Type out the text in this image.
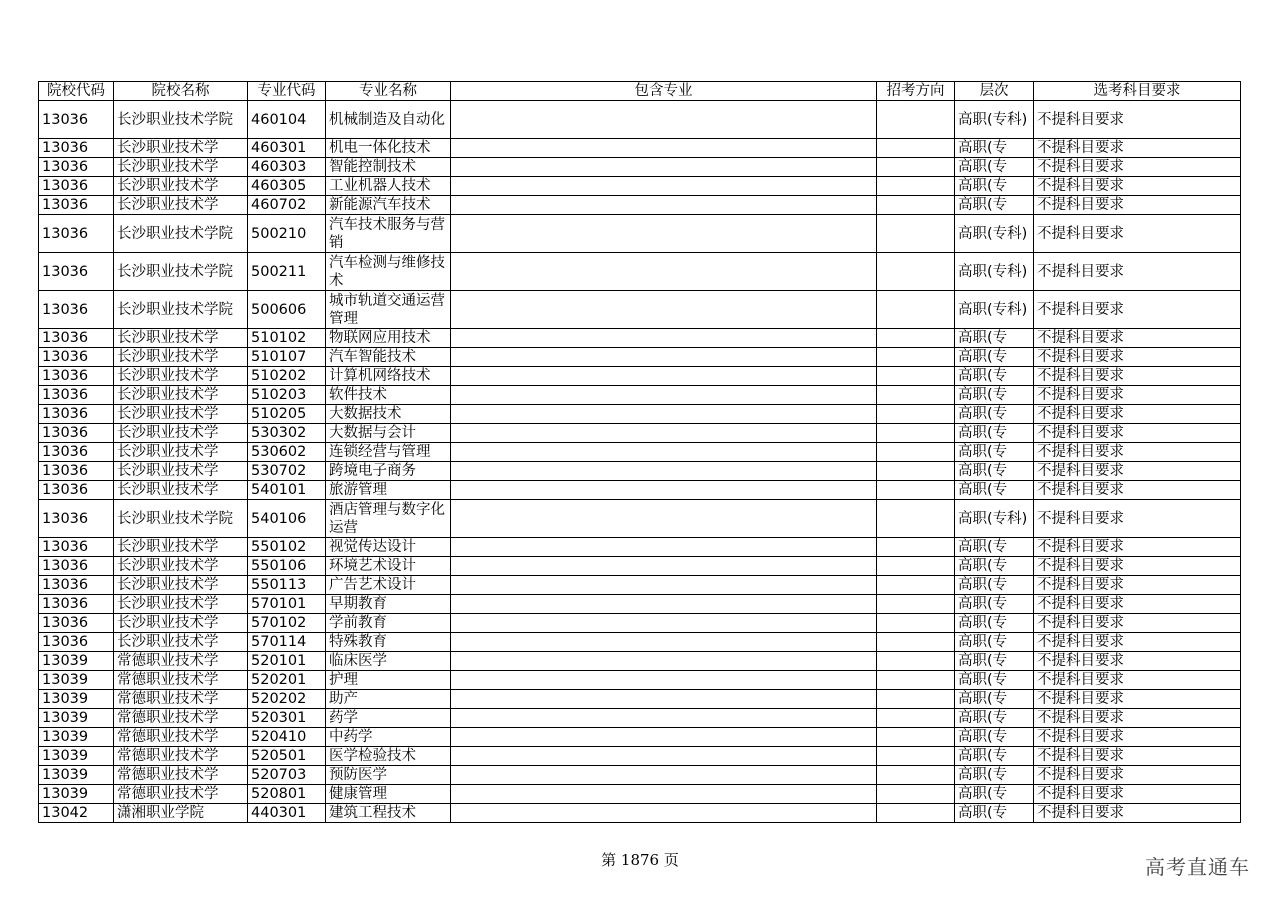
院校代码	院校名称	专业代码	专业名称	包含专业	招考方向	层次	选考科目要求
13036	长沙职业技术学院	460104	机械制造及自动化			高职(专科)	不提科目要求
13036	长沙职业技术学	460301	机电一体化技术			高职(专	不提科目要求
13036	长沙职业技术学	460303	智能控制技术			高职(专	不提科目要求
13036	长沙职业技术学	460305	工业机器人技术			高职(专	不提科目要求
13036	长沙职业技术学	460702	新能源汽车技术			高职(专	不提科目要求
13036	长沙职业技术学院	500210	汽车技术服务与营销			高职(专科)	不提科目要求
13036	长沙职业技术学院	500211	汽车检测与维修技术			高职(专科)	不提科目要求
13036	长沙职业技术学院	500606	城市轨道交通运营管理			高职(专科)	不提科目要求
13036	长沙职业技术学	510102	物联网应用技术			高职(专	不提科目要求
13036	长沙职业技术学	510107	汽车智能技术			高职(专	不提科目要求
13036	长沙职业技术学	510202	计算机网络技术			高职(专	不提科目要求
13036	长沙职业技术学	510203	软件技术			高职(专	不提科目要求
13036	长沙职业技术学	510205	大数据技术			高职(专	不提科目要求
13036	长沙职业技术学	530302	大数据与会计			高职(专	不提科目要求
13036	长沙职业技术学	530602	连锁经营与管理			高职(专	不提科目要求
13036	长沙职业技术学	530702	跨境电子商务			高职(专	不提科目要求
13036	长沙职业技术学	540101	旅游管理			高职(专	不提科目要求
13036	长沙职业技术学院	540106	酒店管理与数字化运营			高职(专科)	不提科目要求
13036	长沙职业技术学	550102	视觉传达设计			高职(专	不提科目要求
13036	长沙职业技术学	550106	环境艺术设计			高职(专	不提科目要求
13036	长沙职业技术学	550113	广告艺术设计			高职(专	不提科目要求
13036	长沙职业技术学	570101	早期教育			高职(专	不提科目要求
13036	长沙职业技术学	570102	学前教育			高职(专	不提科目要求
13036	长沙职业技术学	570114	特殊教育			高职(专	不提科目要求
13039	常德职业技术学	520101	临床医学			高职(专	不提科目要求
13039	常德职业技术学	520201	护理			高职(专	不提科目要求
13039	常德职业技术学	520202	助产			高职(专	不提科目要求
13039	常德职业技术学	520301	药学			高职(专	不提科目要求
13039	常德职业技术学	520410	中药学			高职(专	不提科目要求
13039	常德职业技术学	520501	医学检验技术			高职(专	不提科目要求
13039	常德职业技术学	520703	预防医学			高职(专	不提科目要求
13039	常德职业技术学	520801	健康管理			高职(专	不提科目要求
13042	潇湘职业学院	440301	建筑工程技术			高职(专	不提科目要求
第 1876 页	高考直通车
